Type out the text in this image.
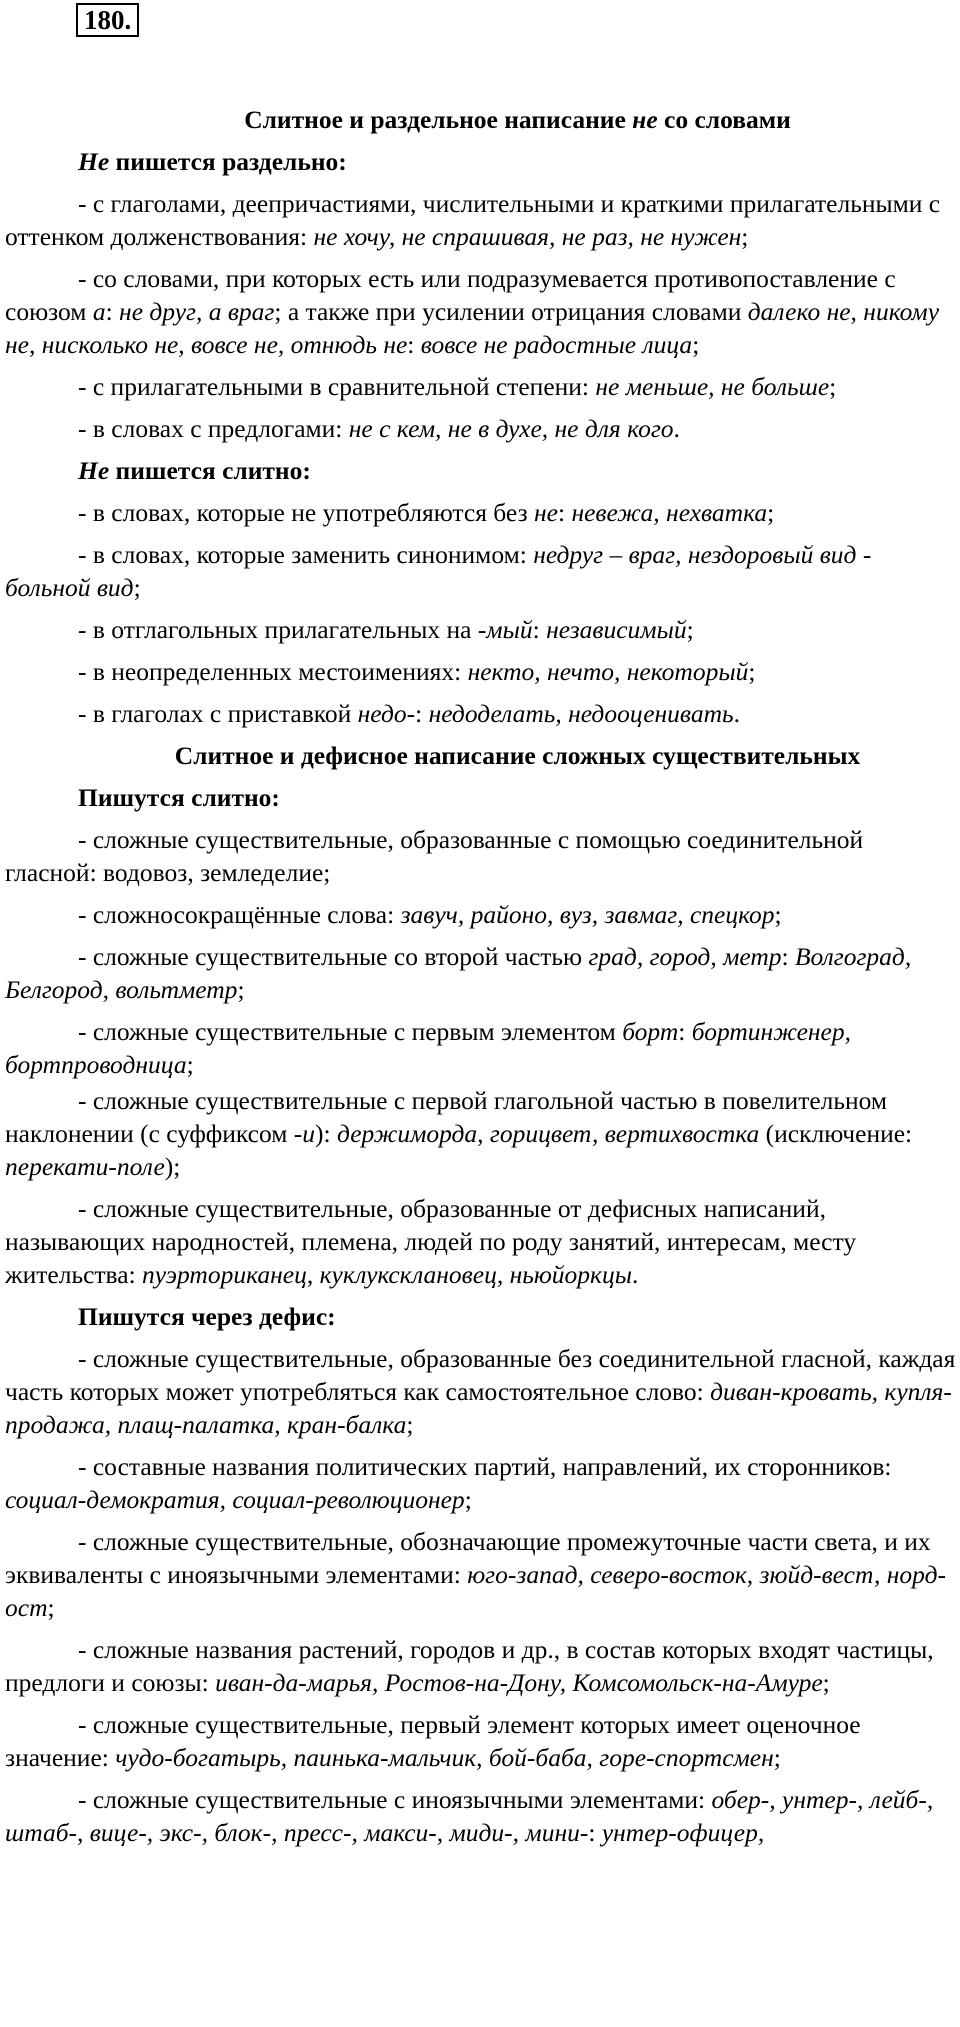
180.
Слитное и раздельное написание не со словами
Не пишется раздельно:
- с глаголами, деепричастиями, числительными и краткими прилагательными с оттенком долженствования: не хочу, не спрашивая, не раз, не нужен;
- со словами, при которых есть или подразумевается противопоставление с союзом а: не друг, а враг; а также при усилении отрицания словами далеко не, никому не, нисколько не, вовсе не, отнюдь не: вовсе не радостные лица;
- с прилагательными в сравнительной степени: не меньше, не больше;
- в словах с предлогами: не с кем, не в духе, не для кого.
Не пишется слитно:
- в словах, которые не употребляются без не: невежа, нехватка;
- в словах, которые заменить синонимом: недруг – враг, нездоровый вид - больной вид;
- в отглагольных прилагательных на -мый: независимый;
- в неопределенных местоимениях: некто, нечто, некоторый;
- в глаголах с приставкой недо-: недоделать, недооценивать.
Слитное и дефисное написание сложных существительных
Пишутся слитно:
- сложные существительные, образованные с помощью соединительной гласной: водовоз, земледелие;
- сложносокращённые слова: завуч, районо, вуз, завмаг, спецкор;
- сложные существительные со второй частью град, город, метр: Волгоград, Белгород, вольтметр;
- сложные существительные с первым элементом борт: бортинженер, бортпроводница;
- сложные существительные с первой глагольной частью в повелительном наклонении (с суффиксом -и): держиморда, горицвет, вертихвостка (исключение: перекати-поле);
- сложные существительные, образованные от дефисных написаний, называющих народностей, племена, людей по роду занятий, интересам, месту жительства: пуэрториканец, куклуксклановец, ньюйоркцы.
Пишутся через дефис:
- сложные существительные, образованные без соединительной гласной, каждая часть которых может употребляться как самостоятельное слово: диван-кровать, купля-продажа, плащ-палатка, кран-балка;
- составные названия политических партий, направлений, их сторонников: социал-демократия, социал-революционер;
- сложные существительные, обозначающие промежуточные части света, и их эквиваленты с иноязычными элементами: юго-запад, северо-восток, зюйд-вест, норд-ост;
- сложные названия растений, городов и др., в состав которых входят частицы, предлоги и союзы: иван-да-марья, Ростов-на-Дону, Комсомольск-на-Амуре;
- сложные существительные, первый элемент которых имеет оценочное значение: чудо-богатырь, паинька-мальчик, бой-баба, горе-спортсмен;
- сложные существительные с иноязычными элементами: обер-, унтер-, лейб-, штаб-, вице-, экс-, блок-, пресс-, макси-, миди-, мини-: унтер-офицер,
